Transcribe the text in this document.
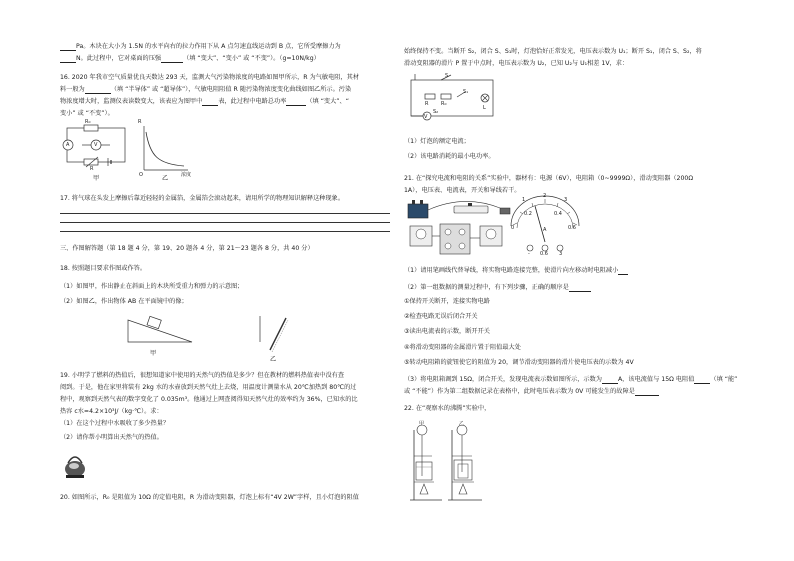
Pa。木块在大小为 1.5N 的水平向右的拉力作用下从 A 点匀速直线运动到 B 点，它所受摩擦力为
N。此过程中，它对桌面的压强	（填 “变大”、“变小” 或 “不变”）。（g=10N/kg）
16. 2020 年我市空气质量优良天数达 293 天，监测大气污染物浓度的电路如图甲所示，R 为气敏电阻，其材
料一般为	（填 “半导体” 或 “超导体”），气敏电阻阻值 R 随污染物浓度变化曲线如图乙所示。污染
物浓度增大时，监测仪表读数变大，该表应为图甲中	表，此过程中电路总功率	（填 “变大”、“
变小” 或 “不变”）。
R₀
A	V
R
甲
R
浓度
O	乙
17. 将气球在头发上摩擦后靠近轻轻的金属箔，金属箔会滚动起来，请用所学的物理知识解释这种现象。
三、作图解答题（第 18 题 4 分，第 19、20 题各 4 分，第 21～23 题各 8 分，共 40 分）
18. 按照题目要求作图或作答。
（1）如图甲，作出静止在斜面上的木块所受重力和弹力的示意图；
（2）如图乙，作出物体 AB 在平面镜中的像；
甲
乙
19. 小明学了燃料的热值后，很想知道家中使用的天然气的热值是多少？但在教材的燃料热值表中没有查
阅到。于是，他在家里将装有 2kg 水的水壶放到天然气灶上去烧，用温度计测量水从 20℃加热到 80℃的过
程中，观察到天然气表的数字变化了 0.035m³。他通过上网查阅得知天然气灶的效率约为 36%，已知水的比
热容 c水=4.2×10³J/（kg·℃）。求：
（1）在这个过程中水吸收了多少热量？
（2）请你帮小明算出天然气的热值。
20. 如图所示，R₀ 是阻值为 10Ω 的定值电阻，R 为滑动变阻器，灯泡上标有“4V 2W”字样，且小灯泡的阻值
始终保持不变。当断开 S₂，闭合 S、S₁时，灯泡恰好正常发光，电压表示数为 U₁；断开 S₁，闭合 S、S₂，将
滑动变阻器的滑片 P 置于中点时，电压表示数为 U₂，已知 U₂与 U₁相差 1V，求：
S
S₁
S₂
R	R₀
V
L
（1）灯泡的额定电流；
（2）该电路消耗的最小电功率。
21. 在“探究电流和电阻的关系”实验中，器材有：电源（6V），电阻箱（0~9999Ω），滑动变阻器（200Ω
1A），电压表、电流表，开关和导线若干。
1
2
3
0
0.2	0.4
0.6
A
- 0.6 3
（1）请用笔画线代替导线，将实物电路连接完整，使滑片向左移动时电阻减小
（2）第一组数据的测量过程中，有下列步骤，正确的顺序是
①保持开关断开，连接实物电路
②检查电路无误后闭合开关
③读出电流表的示数，断开开关
④将滑动变阻器的金属滑片置于阻值最大处
⑤转动电阻箱的旋钮使它的阻值为 20，调节滑动变阻器的滑片使电压表的示数为 4V
（3）将电阻箱调到 15Ω，闭合开关，发现电流表示数如图所示，示数为	A，该电流值与 15Ω 电阻值	（填 “能”
或 “不能”）作为第二组数据记录在表格中，此时电压表示数为 0V 可能发生的故障是
22. 在“观察水的沸腾”实验中，
甲	乙
